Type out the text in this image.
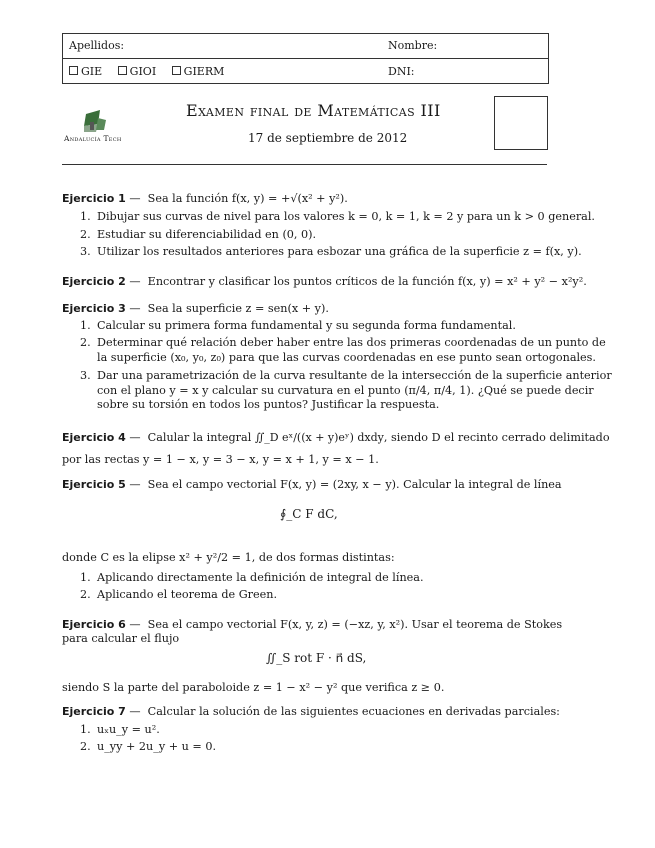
Apellidos:	Nombre:
GIE	GIOI	GIERM	DNI:
Andalucía Tech
Examen final de Matemáticas III
17 de septiembre de 2012
Ejercicio 1 —  Sea la función f(x, y) = +√(x² + y²).
1. Dibujar sus curvas de nivel para los valores k = 0, k = 1, k = 2 y para un k > 0 general.
2. Estudiar su diferenciabilidad en (0, 0).
3. Utilizar los resultados anteriores para esbozar una gráfica de la superficie z = f(x, y).
Ejercicio 2 —  Encontrar y clasificar los puntos críticos de la función f(x, y) = x² + y² − x²y².
Ejercicio 3 —  Sea la superficie z = sen(x + y).
1. Calcular su primera forma fundamental y su segunda forma fundamental.
2. Determinar qué relación deber haber entre las dos primeras coordenadas de un punto de
la superficie (x₀, y₀, z₀) para que las curvas coordenadas en ese punto sean ortogonales.
3. Dar una parametrización de la curva resultante de la intersección de la superficie anterior
con el plano y = x y calcular su curvatura en el punto (π/4, π/4, 1). ¿Qué se puede decir
sobre su torsión en todos los puntos? Justificar la respuesta.
Ejercicio 4 —  Calular la integral ∬_D eˣ/((x + y)eʸ) dxdy, siendo D el recinto cerrado delimitado
por las rectas y = 1 − x, y = 3 − x, y = x + 1, y = x − 1.
Ejercicio 5 —  Sea el campo vectorial F(x, y) = (2xy, x − y). Calcular la integral de línea
∮_C F dC,
donde C es la elipse x² + y²/2 = 1, de dos formas distintas:
1. Aplicando directamente la definición de integral de línea.
2. Aplicando el teorema de Green.
Ejercicio 6 —  Sea el campo vectorial F(x, y, z) = (−xz, y, x²). Usar el teorema de Stokes
para calcular el flujo
∬_S rot F · n⃗ dS,
siendo S la parte del paraboloide z = 1 − x² − y² que verifica z ≥ 0.
Ejercicio 7 —  Calcular la solución de las siguientes ecuaciones en derivadas parciales:
1. uₓu_y = u².
2. u_yy + 2u_y + u = 0.
